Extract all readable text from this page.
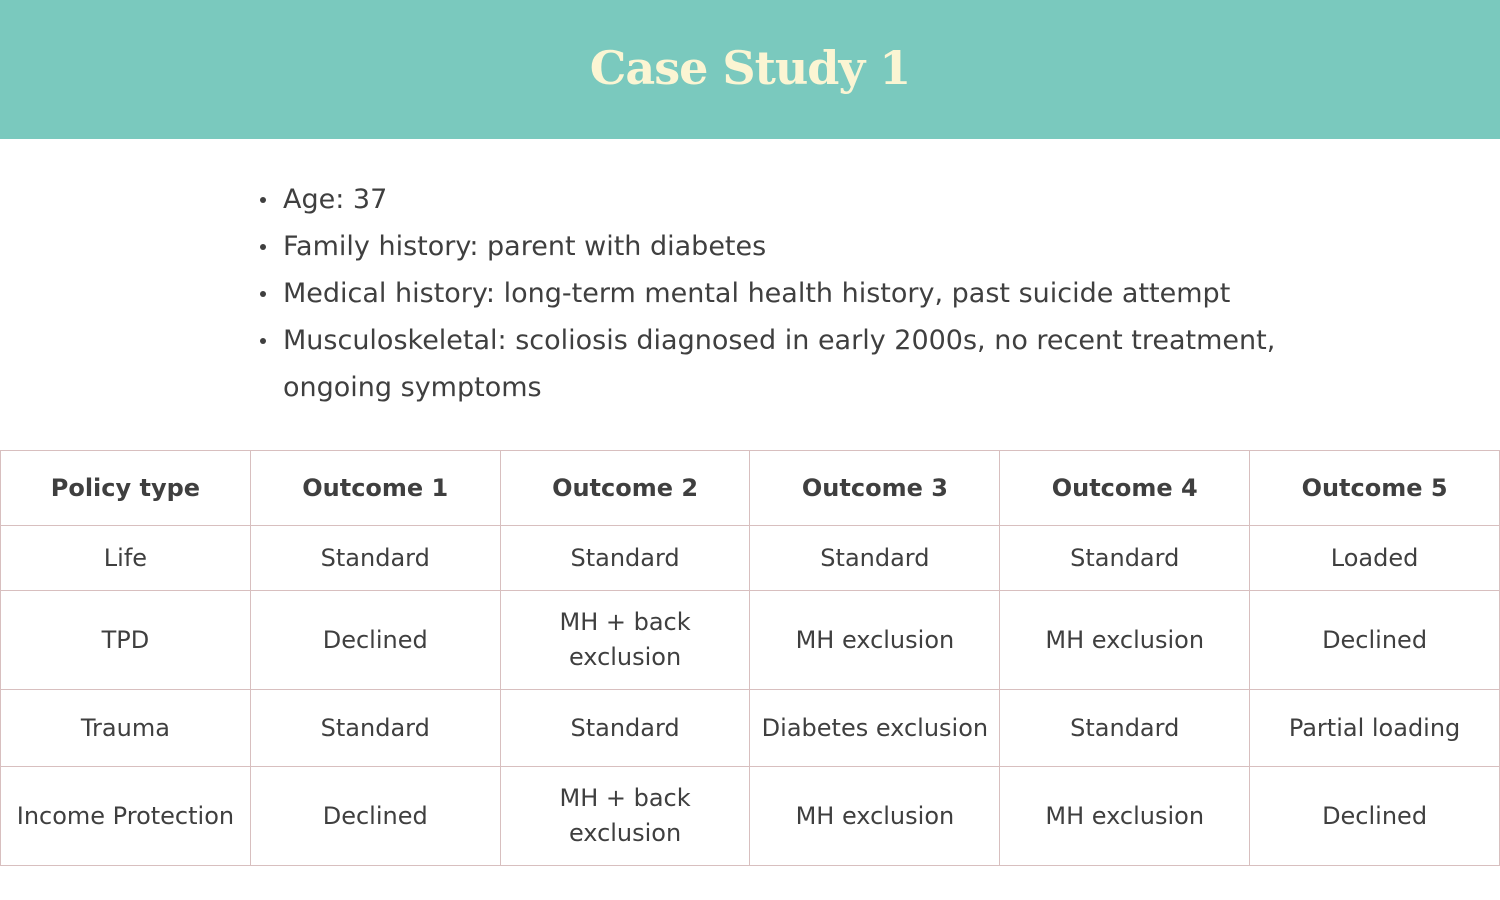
Case Study 1
Age: 37
Family history: parent with diabetes
Medical history: long-term mental health history, past suicide attempt
Musculoskeletal: scoliosis diagnosed in early 2000s, no recent treatment, ongoing symptoms
Policy type	Outcome 1	Outcome 2	Outcome 3	Outcome 4	Outcome 5
Life	Standard	Standard	Standard	Standard	Loaded
TPD	Declined	MH + back exclusion	MH exclusion	MH exclusion	Declined
Trauma	Standard	Standard	Diabetes exclusion	Standard	Partial loading
Income Protection	Declined	MH + back exclusion	MH exclusion	MH exclusion	Declined
